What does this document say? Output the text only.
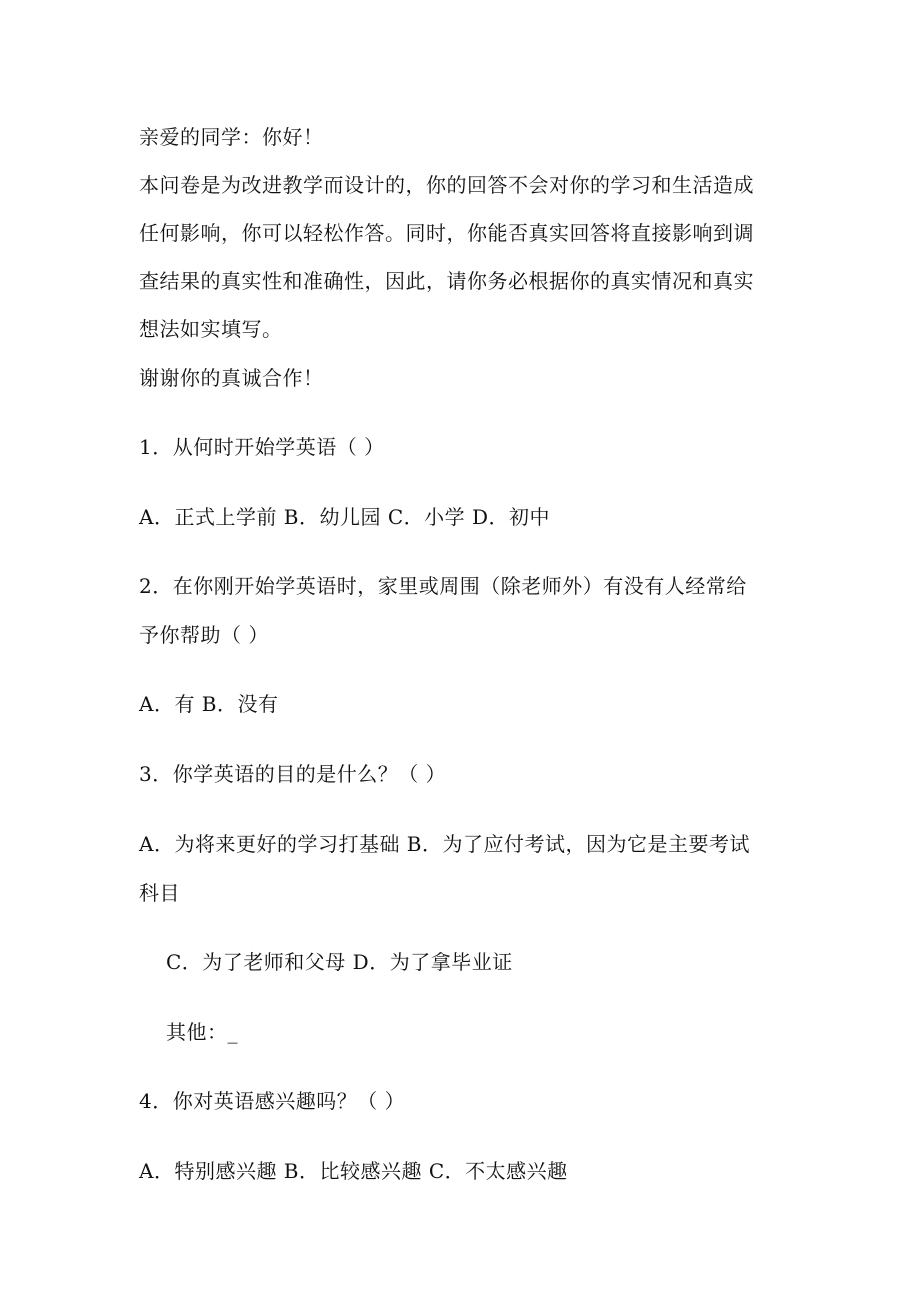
亲爱的同学：你好！
本问卷是为改进教学而设计的，你的回答不会对你的学习和生活造成
任何影响，你可以轻松作答。同时，你能否真实回答将直接影响到调
查结果的真实性和准确性，因此，请你务必根据你的真实情况和真实
想法如实填写。
谢谢你的真诚合作！
1．从何时开始学英语（ ）
A．正式上学前 B．幼儿园 C．小学 D．初中
2．在你刚开始学英语时，家里或周围（除老师外）有没有人经常给
予你帮助（ ）
A．有 B．没有
3．你学英语的目的是什么？（ ）
A．为将来更好的学习打基础 B．为了应付考试，因为它是主要考试
科目
C．为了老师和父母 D．为了拿毕业证
其他：_
4．你对英语感兴趣吗？（ ）
A．特别感兴趣 B．比较感兴趣 C．不太感兴趣
